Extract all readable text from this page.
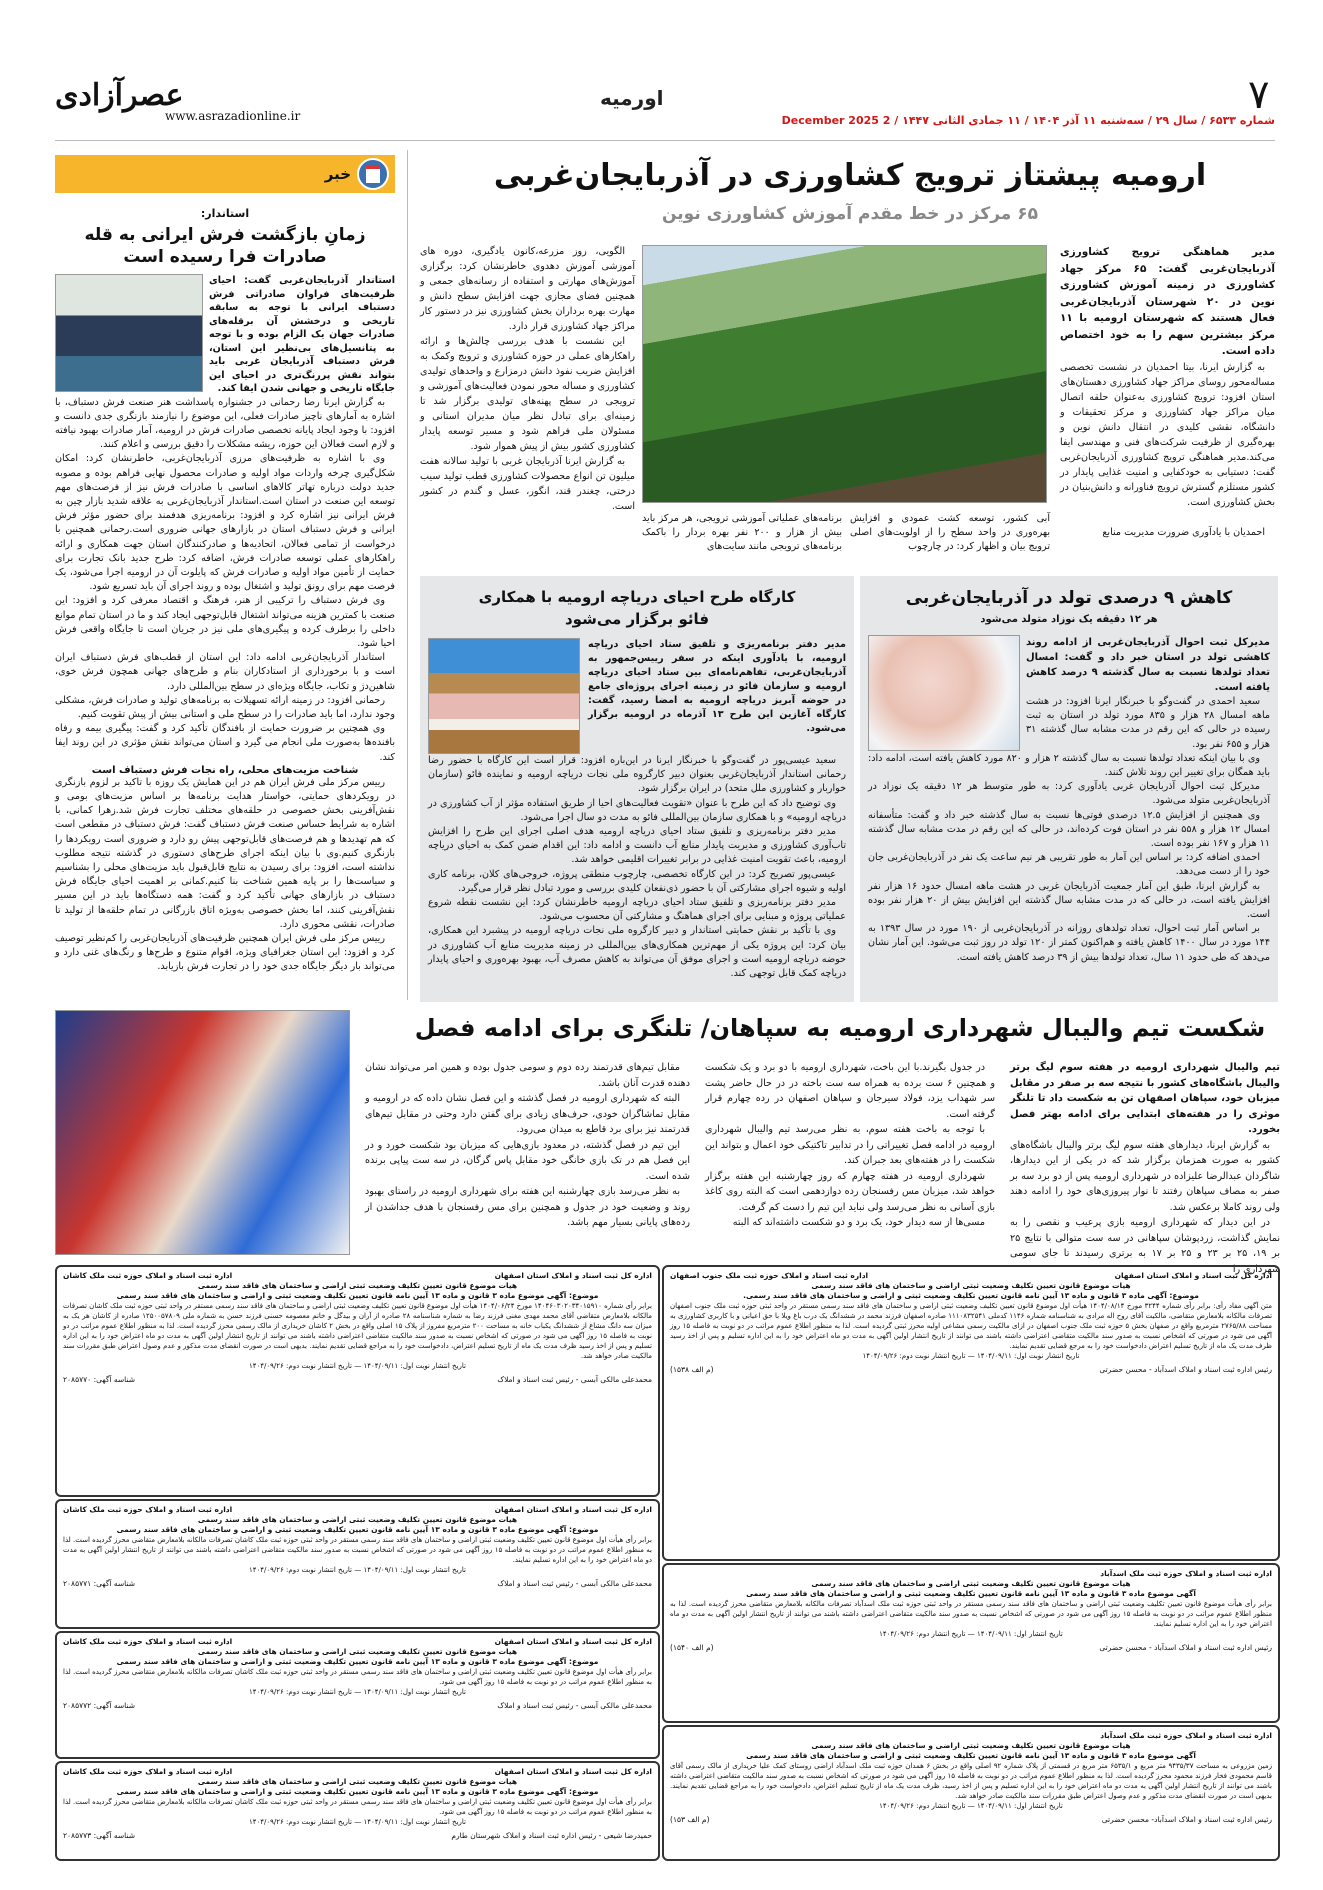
۷
شماره ۶۵۳۳ / سال ۲۹ / سه‌شنبه ۱۱ آذر ۱۴۰۴ / ۱۱ جمادی الثانی ۱۴۴۷ / 2 December 2025
اورمیه
www.asrazadionline.ir
عصرآزادی
خبر
استاندار:
زمانِ بازگشت فرش ایرانی به قله صادرات فرا رسیده است
استاندار آذربایجان‌غربی گفت: احیای ظرفیت‌های فراوان صادراتی فرش دستباف ایرانی با توجه به سابقه تاریخی و درخشش آن برقله‌های صادرات جهان یک الزام بوده و با توجه به پتانسیل‌های بی‌نظیر این استان، فرش دستباف آذربایجان غربی باید بتواند نقش پررنگ‌تری در احیای این جایگاه تاریخی و جهانی شدن ایفا کند.
به گزارش ایرنا رضا رحمانی در جشنواره پاسداشت هنر صنعت فرش دستباف، با اشاره به آمارهای ناچیز صادرات فعلی، این موضوع را نیازمند بازنگری جدی دانست و افزود: با وجود ایجاد پایانه تخصصی صادرات فرش در ارومیه، آمار صادرات بهبود نیافته و لازم است فعالان این حوزه، ریشه مشکلات را دقیق بررسی و اعلام کنند.
وی با اشاره به ظرفیت‌های مرزی آذربایجان‌غربی، خاطرنشان کرد: امکان شکل‌گیری چرخه واردات مواد اولیه و صادرات محصول نهایی فراهم بوده و مصوبه جدید دولت درباره تهاتر کالاهای اساسی با صادرات فرش نیز از فرصت‌های مهم توسعه این صنعت در استان است.استاندار آذربایجان‌غربی به علاقه شدید بازار چین به فرش ایرانی نیز اشاره کرد و افزود: برنامه‌ریزی هدفمند برای حضور مؤثر فرش ایرانی و فرش دستباف استان در بازارهای جهانی ضروری است.رحمانی همچنین با درخواست از تمامی فعالان، اتحادیه‌ها و صادرکنندگان استان جهت همکاری و ارائه راهکارهای عملی توسعه صادرات فرش، اضافه کرد: طرح جدید بانک تجارت برای حمایت از تأمین مواد اولیه و صادرات فرش که پایلوت آن در ارومیه اجرا می‌شود، یک فرصت مهم برای رونق تولید و اشتغال بوده و روند اجرای آن باید تسریع شود.
وی فرش دستباف را ترکیبی از هنر، فرهنگ و اقتصاد معرفی کرد و افزود: این صنعت با کمترین هزینه می‌تواند اشتغال قابل‌توجهی ایجاد کند و ما در استان تمام موانع داخلی را برطرف کرده و پیگیری‌های ملی نیز در جریان است تا جایگاه واقعی فرش احیا شود.
استاندار آذربایجان‌غربی ادامه داد: این استان از قطب‌های فرش دستباف ایران است و با برخورداری از استادکاران بنام و طرح‌های جهانی همچون فرش خوی، شاهین‌دژ و تکاب، جایگاه ویژه‌ای در سطح بین‌المللی دارد.
رحمانی افزود: در زمینه ارائه تسهیلات به برنامه‌های تولید و صادرات فرش، مشکلی وجود ندارد، اما باید صادرات را در سطح ملی و استانی بیش از پیش تقویت کنیم.
وی همچنین بر ضرورت حمایت از بافندگان تأکید کرد و گفت: پیگیری بیمه و رفاه بافنده‌ها به‌صورت ملی انجام می گیرد و استان می‌تواند نقش مؤثری در این روند ایفا کند.
شناخت مزیت‌های محلی، راه نجات فرش دستباف است
رییس مرکز ملی فرش ایران هم در این همایش یک روزه با تاکید بر لزوم بازنگری در رویکردهای حمایتی، خواستار هدایت برنامه‌ها بر اساس مزیت‌های بومی و نقش‌آفرینی بخش خصوصی در حلقه‌های مختلف تجارت فرش شد.زهرا کمانی، با اشاره به شرایط حساس صنعت فرش دستباف گفت: فرش دستباف در مقطعی است که هم تهدیدها و هم فرصت‌های قابل‌توجهی پیش رو دارد و ضروری است رویکردها را بازنگری کنیم.وی با بیان اینکه اجرای طرح‌های دستوری در گذشته نتیجه مطلوب نداشته است، افزود: برای رسیدن به نتایج قابل‌قبول باید مزیت‌های محلی را بشناسیم و سیاست‌ها را بر پایه همین شناخت بنا کنیم.کمانی بر اهمیت احیای جایگاه فرش دستباف در بازارهای جهانی تأکید کرد و گفت: همه دستگاه‌ها باید در این مسیر نقش‌آفرینی کنند، اما بخش خصوصی به‌ویژه اتاق بازرگانی در تمام حلقه‌ها از تولید تا صادرات، نقشی محوری دارد.
رییس مرکز ملی فرش ایران همچنین ظرفیت‌های آذربایجان‌غربی را کم‌نظیر توصیف کرد و افزود: این استان جغرافیای ویژه، اقوام متنوع و طرح‌ها و رنگ‌های غنی دارد و می‌تواند بار دیگر جایگاه جدی خود را در تجارت فرش بازیابد.
ارومیه پیشتاز ترویج کشاورزی در آذربایجان‌غربی
۶۵ مرکز در خط مقدم آموزش کشاورزی نوین
مدیر هماهنگی ترویج کشاورزی آذربایجان‌غربی گفت: ۶۵ مرکز جهاد کشاورزی در زمینه آموزش کشاورزی نوین در ۲۰ شهرستان آذربایجان‌غربی فعال هستند که شهرستان ارومیه با ۱۱ مرکز بیشترین سهم را به خود اختصاص داده است.
به گزارش ایرنا، بیتا احمدیان در نشست تخصصی مساله‌محور روسای مراکز جهاد کشاورزی دهستان‌های استان افزود: ترویج کشاورزی به‌عنوان حلقه اتصال میان مراکز جهاد کشاورزی و مرکز تحقیقات و دانشگاه، نقشی کلیدی در انتقال دانش نوین و بهره‌گیری از ظرفیت شرکت‌های فنی و مهندسی ایفا می‌کند.مدیر هماهنگی ترویج کشاورزی آذربایجان‌غربی گفت: دستیابی به خودکفایی و امنیت غذایی پایدار در کشور مستلزم گسترش ترویج فناورانه و دانش‌بنیان در بخش کشاورزی است.
الگویی، روز مزرعه،کانون یادگیری، دوره های آموزشی آموزش دهدوی خاطرنشان کرد: برگزاری آموزش‌های مهارتی و استفاده از رسانه‌های جمعی و همچنین فضای مجازی جهت افزایش سطح دانش و مهارت بهره برداران بخش کشاورزی نیز در دستور کار مراکز جهاد کشاورزی قرار دارد.
این نشست با هدف بررسی چالش‌ها و ارائه راهکارهای عملی در حوزه کشاورزی و ترویج وکمک به افزایش ضریب نفوذ دانش درمزارع و واحدهای تولیدی کشاورزی و مساله محور نمودن فعالیت‌های آموزشی و ترویجی در سطح پهنه‌های تولیدی برگزار شد تا زمینه‌ای برای تبادل نظر میان مدیران استانی و مسئولان ملی فراهم شود و مسیر توسعه پایدار کشاورزی کشور بیش از پیش هموار شود.
به گزارش ایرنا آذربایجان غربی با تولید سالانه هفت میلیون تن انواع محصولات کشاورزی قطب تولید سیب درختی، چغندر قند، انگور، عسل و گندم در کشور است.
احمدیان با یادآوری ضرورت مدیریت منابع
آبی کشور، توسعه کشت عمودی و افزایش بهره‌وری در واحد سطح را از اولویت‌های اصلی ترویج بیان و اظهار کرد: در چارچوب
برنامه‌های عملیاتی آموزشی ترویجی، هر مرکز باید بیش از هزار و ۲۰۰ نفر بهره بردار را باکمک برنامه‌های ترویجی مانند سایت‌های
کاهش ۹ درصدی تولد در آذربایجان‌غربی
هر ۱۲ دقیقه یک نوزاد متولد می‌شود
مدیرکل ثبت احوال آذربایجان‌غربی از ادامه روند کاهشی تولد در استان خبر داد و گفت: امسال تعداد تولدها نسبت به سال گذشته ۹ درصد کاهش یافته است.
سعید احمدی در گفت‌وگو با خبرنگار ایرنا افزود: در هشت ماهه امسال ۲۸ هزار و ۸۳۵ مورد تولد در استان به ثبت رسیده در حالی که این رقم در مدت مشابه سال گذشته ۳۱ هزار و ۶۵۵ نفر بود.
وی با بیان اینکه تعداد تولدها نسبت به سال گذشته ۲ هزار و ۸۲۰ مورد کاهش یافته است، ادامه داد: باید همگان برای تغییر این روند تلاش کنند.
مدیرکل ثبت احوال آذربایجان غربی یادآوری کرد: به طور متوسط هر ۱۲ دقیقه یک نوزاد در آذربایجان‌غربی متولد می‌شود.
وی همچنین از افزایش ۱۲.۵ درصدی فوتی‌ها نسبت به سال گذشته خبر داد و گفت: متأسفانه امسال ۱۲ هزار و ۵۵۸ نفر در استان فوت کرده‌اند، در حالی که این رقم در مدت مشابه سال گذشته ۱۱ هزار و ۱۶۷ نفر بوده است.
احمدی اضافه کرد: بر اساس این آمار به طور تقریبی هر نیم ساعت یک نفر در آذربایجان‌غربی جان خود را از دست می‌دهد.
به گزارش ایرنا، طبق این آمار جمعیت آذربایجان غربی در هشت ماهه امسال حدود ۱۶ هزار نفر افزایش یافته است، در حالی که در مدت مشابه سال گذشته این افزایش بیش از ۲۰ هزار نفر بوده است.
بر اساس آمار ثبت احوال، تعداد تولدهای روزانه در آذربایجان‌غربی از ۱۹۰ مورد در سال ۱۳۹۳ به ۱۴۴ مورد در سال ۱۴۰۰ کاهش یافته و هم‌اکنون کمتر از ۱۲۰ تولد در روز ثبت می‌شود. این آمار نشان می‌دهد که طی حدود ۱۱ سال، تعداد تولدها بیش از ۳۹ درصد کاهش یافته است.
کارگاه طرح احیای دریاچه ارومیه با همکاری فائو برگزار می‌شود
مدیر دفتر برنامه‌ریزی و تلفیق ستاد احیای دریاچه ارومیه، با یادآوری اینکه در سفر رییس‌جمهور به آذربایجان‌غربی، تفاهم‌نامه‌ای بین ستاد احیای دریاچه ارومیه و سازمان فائو در زمینه اجرای پروژه‌ای جامع در حوضه آبریز دریاچه ارومیه به امضا رسید، گفت: کارگاه آغازین این طرح ۱۳ آذرماه در ارومیه برگزار می‌شود.
سعید عیسی‌پور در گفت‌وگو با خبرنگار ایرنا در این‌باره افزود: قرار است این کارگاه با حضور رضا رحمانی استاندار آذربایجان‌غربی بعنوان دبیر کارگروه ملی نجات دریاچه ارومیه و نماینده فائو (سازمان خواربار و کشاورزی ملل متحد) در ایران برگزار شود.
وی توضیح داد که این طرح با عنوان «تقویت فعالیت‌های احیا از طریق استفاده مؤثر از آب کشاورزی در دریاچه ارومیه» و با همکاری سازمان بین‌المللی فائو به مدت دو سال اجرا می‌شود.
مدیر دفتر برنامه‌ریزی و تلفیق ستاد احیای دریاچه ارومیه هدف اصلی اجرای این طرح را افزایش تاب‌آوری کشاورزی و مدیریت پایدار منابع آب دانست و ادامه داد: این اقدام ضمن کمک به احیای دریاچه ارومیه، باعث تقویت امنیت غذایی در برابر تغییرات اقلیمی خواهد شد.
عیسی‌پور تصریح کرد: در این کارگاه تخصصی، چارچوب منطقی پروژه، خروجی‌های کلان، برنامه کاری اولیه و شیوه اجرای مشارکتی آن با حضور ذی‌نفعان کلیدی بررسی و مورد تبادل نظر قرار می‌گیرد.
مدیر دفتر برنامه‌ریزی و تلفیق ستاد احیای دریاچه ارومیه خاطرنشان کرد: این نشست نقطه شروع عملیاتی پروژه و مبنایی برای اجرای هماهنگ و مشارکتی آن محسوب می‌شود.
وی با تأکید بر نقش حمایتی استاندار و دبیر کارگروه ملی نجات دریاچه ارومیه در پیشبرد این همکاری، بیان کرد: این پروژه یکی از مهم‌ترین همکاری‌های بین‌المللی در زمینه مدیریت منابع آب کشاورزی در حوضه دریاچه ارومیه است و اجرای موفق آن می‌تواند به کاهش مصرف آب، بهبود بهره‌وری و احیای پایدار دریاچه کمک قابل توجهی کند.
شکست تیم والیبال شهرداری ارومیه به سپاهان/ تلنگری برای ادامه فصل
تیم والیبال شهرداری ارومیه در هفته سوم لیگ برتر والیبال باشگاه‌های کشور با نتیجه سه بر صفر در مقابل میزبان خود، سپاهان اصفهان تن به شکست داد تا تلنگر موثری را در هفته‌های ابتدایی برای ادامه بهتر فصل بخورد.
به گزارش ایرنا، دیدارهای هفته سوم لیگ برتر والیبال باشگاه‌های کشور به صورت همزمان برگزار شد که در یکی از این دیدارها، شاگردان عبدالرضا علیزاده در شهرداری ارومیه پس از دو برد سه بر صفر به مصاف سپاهان رفتند تا نوار پیروزی‌های خود را ادامه دهند ولی روند کاملا برعکس شد.
در این دیدار که شهرداری ارومیه بازی پرعیب و نقصی را به نمایش گذاشت، زردپوشان سپاهانی در سه ست متوالی با نتایج ۲۵ بر ۱۹، ۲۵ بر ۲۳ و ۲۵ بر ۱۷ به برتری رسیدند تا جای سومی شهرداری را
در جدول بگیرند.با این باخت، شهرداری ارومیه با دو برد و یک شکست و همچنین ۶ ست برده به همراه سه ست باخته در در حال حاضر پشت سر شهداب یزد، فولاد سیرجان و سپاهان اصفهان در رده چهارم قرار گرفته است.
با توجه به باخت هفته سوم، به نظر می‌رسد تیم والیبال شهرداری ارومیه در ادامه فصل تغییراتی را در تدابیر تاکتیکی خود اعمال و بتواند این شکست را در هفته‌های بعد جبران کند.
شهرداری ارومیه در هفته چهارم که روز چهارشنبه این هفته برگزار خواهد شد، میزبان مس رفسنجان رده دوازدهمی است که البته روی کاغذ بازی آسانی به نظر می‌رسد ولی نباید این تیم را دست کم گرفت.
مسی‌ها از سه دیدار خود، یک برد و دو شکست داشته‌اند که البته
مقابل تیم‌های قدرتمند رده دوم و سومی جدول بوده و همین امر می‌تواند نشان دهنده قدرت آنان باشد.
البته که شهرداری ارومیه در فصل گذشته و این فصل نشان داده که در ارومیه و مقابل تماشاگران خودی، حرف‌های زیادی برای گفتن دارد وحتی در مقابل تیم‌های قدرتمند نیز برای برد قاطع به میدان می‌رود.
این تیم در فصل گذشته، در معدود بازی‌هایی که میزبان بود شکست خورد و در این فصل هم در تک بازی خانگی خود مقابل پاس گرگان، در سه ست پیاپی برنده شده است.
به نظر می‌رسد بازی چهارشنبه این هفته برای شهرداری ارومیه در راستای بهبود روند و وضعیت خود در جدول و همچنین برای مس رفسنجان با هدف جداشدن از رده‌های پایانی بسیار مهم باشد.
اداره کل ثبت اسناد و املاک استان اصفهان
اداره ثبت اسناد و املاک حوزه ثبت ملک کاشان
هیات موضوع قانون تعیین تکلیف وضعیت ثبتی اراضی و ساختمان های فاقد سند رسمی
موضوع: آگهی موضوع ماده ۳ قانون و ماده ۱۳ آیین نامه قانون تعیین تکلیف وضعیت ثبتی و اراضی و ساختمان های فاقد سند رسمی
برابر رأی شماره ۱۴۰۴۶۰۳۰۲۰۳۴۰۱۵۹۱۰ مورخ ۱۴۰۴/۰۶/۲۴ هیأت اول موضوع قانون تعیین تکلیف وضعیت ثبتی اراضی و ساختمان های فاقد سند رسمی مستقر در واحد ثبتی حوزه ثبت ملک کاشان تصرفات مالکانه بلامعارض متقاضی آقای محمد مهدی مغنی فرزند رضا به شماره شناسنامه ۲۸ صادره از آران و بیدگل و خانم معصومه حسنی فرزند حسن به شماره ملی ۱۲۵۰۰۵۷۸۰۹ صادره از کاشان هر یک به میزان سه دانگ مشاع از ششدانگ یکباب خانه به مساحت ۲۰۰ مترمربع مفروز از پلاک ۱۵ اصلی واقع در بخش ۲ کاشان خریداری از مالک رسمی محرز گردیده است. لذا به منظور اطلاع عموم مراتب در دو نوبت به فاصله ۱۵ روز آگهی می شود در صورتی که اشخاص نسبت به صدور سند مالکیت متقاضی اعتراضی داشته باشند می توانند از تاریخ انتشار اولین آگهی به مدت دو ماه اعتراض خود را به این اداره تسلیم و پس از اخذ رسید ظرف مدت یک ماه از تاریخ تسلیم اعتراض، دادخواست خود را به مراجع قضایی تقدیم نمایند. بدیهی است در صورت انقضای مدت مذکور و عدم وصول اعتراض طبق مقررات سند مالکیت صادر خواهد شد.
تاریخ انتشار نوبت اول: ۱۴۰۴/۰۹/۱۱ — تاریخ انتشار نوبت دوم: ۱۴۰۴/۰۹/۲۶
محمدعلی مالکی آبسی - رئیس ثبت اسناد و املاک
شناسه آگهی: ۲۰۸۵۷۷۰
اداره کل ثبت اسناد و املاک استان اصفهان
اداره ثبت اسناد و املاک حوزه ثبت ملک کاشان
هیات موضوع قانون تعیین تکلیف وضعیت ثبتی اراضی و ساختمان های فاقد سند رسمی
موضوع: آگهی موضوع ماده ۳ قانون و ماده ۱۳ آیین نامه قانون تعیین تکلیف وضعیت ثبتی و اراضی و ساختمان های فاقد سند رسمی
برابر رأی هیأت اول موضوع قانون تعیین تکلیف وضعیت ثبتی اراضی و ساختمان های فاقد سند رسمی مستقر در واحد ثبتی حوزه ثبت ملک کاشان تصرفات مالکانه بلامعارض متقاضی محرز گردیده است. لذا به منظور اطلاع عموم مراتب در دو نوبت به فاصله ۱۵ روز آگهی می شود در صورتی که اشخاص نسبت به صدور سند مالکیت متقاضی اعتراضی داشته باشند می توانند از تاریخ انتشار اولین آگهی به مدت دو ماه اعتراض خود را به این اداره تسلیم نمایند.
تاریخ انتشار نوبت اول: ۱۴۰۴/۰۹/۱۱ — تاریخ انتشار نوبت دوم: ۱۴۰۴/۰۹/۲۶
محمدعلی مالکی آبسی - رئیس ثبت اسناد و املاک
شناسه آگهی: ۲۰۸۵۷۷۱
اداره کل ثبت اسناد و املاک استان اصفهان
اداره ثبت اسناد و املاک حوزه ثبت ملک کاشان
هیات موضوع قانون تعیین تکلیف وضعیت ثبتی اراضی و ساختمان های فاقد سند رسمی
موضوع: آگهی موضوع ماده ۳ قانون و ماده ۱۳ آیین نامه قانون تعیین تکلیف وضعیت ثبتی و اراضی و ساختمان های فاقد سند رسمی
برابر رأی هیأت اول موضوع قانون تعیین تکلیف وضعیت ثبتی اراضی و ساختمان های فاقد سند رسمی مستقر در واحد ثبتی حوزه ثبت ملک کاشان تصرفات مالکانه بلامعارض متقاضی محرز گردیده است. لذا به منظور اطلاع عموم مراتب در دو نوبت به فاصله ۱۵ روز آگهی می شود.
تاریخ انتشار نوبت اول: ۱۴۰۴/۰۹/۱۱ — تاریخ انتشار نوبت دوم: ۱۴۰۴/۰۹/۲۶
محمدعلی مالکی آبسی - رئیس ثبت اسناد و املاک
شناسه آگهی: ۲۰۸۵۷۷۲
اداره کل ثبت اسناد و املاک استان اصفهان
اداره ثبت اسناد و املاک حوزه ثبت ملک کاشان
هیات موضوع قانون تعیین تکلیف وضعیت ثبتی اراضی و ساختمان های فاقد سند رسمی
موضوع: آگهی موضوع ماده ۳ قانون و ماده ۱۳ آیین نامه قانون تعیین تکلیف وضعیت ثبتی و اراضی و ساختمان های فاقد سند رسمی
برابر رأی هیأت اول موضوع قانون تعیین تکلیف وضعیت ثبتی اراضی و ساختمان های فاقد سند رسمی مستقر در واحد ثبتی حوزه ثبت ملک کاشان تصرفات مالکانه بلامعارض متقاضی محرز گردیده است. لذا به منظور اطلاع عموم مراتب در دو نوبت به فاصله ۱۵ روز آگهی می شود.
تاریخ انتشار نوبت اول: ۱۴۰۴/۰۹/۱۱ — تاریخ انتشار نوبت دوم: ۱۴۰۴/۰۹/۲۶
حمیدرضا شیعی - رئیس اداره ثبت اسناد و املاک شهرستان طارم
شناسه آگهی: ۲۰۸۵۷۷۳
اداره کل ثبت اسناد و املاک استان اصفهان
اداره ثبت اسناد و املاک حوزه ثبت ملک جنوب اصفهان
هیات موضوع قانون تعیین تکلیف وضعیت ثبتی اراضی و ساختمان های فاقد سند رسمی
موضوع: آگهی ماده ۳ قانون و ماده ۱۳ آیین نامه قانون تعیین تکلیف وضعیت ثبتی و اراضی و ساختمان های فاقد سند رسمی.
متن آگهی مفاد رأی: برابر رأی شماره ۳۲۴۴ مورخ ۱۴۰۴/۰۸/۱۴ هیأت اول موضوع قانون تعیین تکلیف وضعیت ثبتی اراضی و ساختمان های فاقد سند رسمی مستقر در واحد ثبتی حوزه ثبت ملک جنوب اصفهان تصرفات مالکانه بلامعارض متقاضی، مالکیت آقای روح اله مرادی به شناسنامه شماره ۱۱۴۶ کدملی ۱۱۱۰۸۳۲۵۴۱ صادره اصفهان فرزند محمد در ششدانگ یک درب باغ ویلا با حق اعیانی و با کاربری کشاورزی به مساحت ۲۷۶۵/۸۸ مترمربع واقع در صفهان بخش ۵ حوزه ثبت ملک جنوب اصفهان در ازای مالکیت رسمی مشاعی اولیه محرز ثبتی گردیده است. لذا به منظور اطلاع عموم مراتب در دو نوبت به فاصله ۱۵ روز آگهی می شود در صورتی که اشخاص نسبت به صدور سند مالکیت متقاضی اعتراضی داشته باشند می توانند از تاریخ انتشار اولین آگهی به مدت دو ماه اعتراض خود را به این اداره تسلیم و پس از اخذ رسید ظرف مدت یک ماه از تاریخ تسلیم اعتراض دادخواست خود را به مرجع قضایی تقدیم نمایند.
تاریخ انتشار نوبت اول: ۱۴۰۴/۰۹/۱۱ — تاریخ انتشار نوبت دوم: ۱۴۰۴/۰۹/۲۶
رئیس اداره ثبت اسناد و املاک اسدآباد - محسن حضرتی
(م الف ۱۵۳۸)
اداره ثبت اسناد و املاک حوزه ثبت ملک اسدآباد
هیات موضوع قانون تعیین تکلیف وضعیت ثبتی اراضی و ساختمان های فاقد سند رسمی
آگهی موضوع ماده ۳ قانون و ماده ۱۳ آیین نامه قانون تعیین تکلیف وضعیت ثبتی و اراضی و ساختمان های فاقد سند رسمی
برابر رأی هیأت موضوع قانون تعیین تکلیف وضعیت ثبتی اراضی و ساختمان های فاقد سند رسمی مستقر در واحد ثبتی حوزه ثبت ملک اسدآباد تصرفات مالکانه بلامعارض متقاضی محرز گردیده است. لذا به منظور اطلاع عموم مراتب در دو نوبت به فاصله ۱۵ روز آگهی می شود در صورتی که اشخاص نسبت به صدور سند مالکیت متقاضی اعتراضی داشته باشند می توانند از تاریخ انتشار اولین آگهی به مدت دو ماه اعتراض خود را به این اداره تسلیم نمایند.
تاریخ انتشار اول: ۱۴۰۴/۰۹/۱۱ — تاریخ انتشار دوم: ۱۴۰۴/۰۹/۲۶
رئیس اداره ثبت اسناد و املاک اسدآباد - محسن حضرتی
(م الف ۱۵۴۰)
اداره ثبت اسناد و املاک حوزه ثبت ملک اسدآباد
هیات موضوع قانون تعیین تکلیف وضعیت ثبتی اراضی و ساختمان های فاقد سند رسمی
آگهی موضوع ماده ۳ قانون و ماده ۱۳ آیین نامه قانون تعیین تکلیف وضعیت ثبتی و اراضی و ساختمان های فاقد سند رسمی
زمین مزروعی به مساحت ۹۴۳۵/۳۷ متر مربع و ۶۵۳۵/۱ متر مربع در قسمتی از پلاک شماره ۹۲ اصلی واقع در بخش ۶ همدان حوزه ثبت ملک اسدآباد اراضی روستای کمک علیا خریداری از مالک رسمی آقای قاسم محمودی فخار فرزند محمود محرز گردیده است. لذا به منظور اطلاع عموم مراتب در دو نوبت به فاصله ۱۵ روز آگهی می شود در صورتی که اشخاص نسبت به صدور سند مالکیت متقاضی اعتراضی داشته باشند می توانند از تاریخ انتشار اولین آگهی به مدت دو ماه اعتراض خود را به این اداره تسلیم و پس از اخذ رسید، ظرف مدت یک ماه از تاریخ تسلیم اعتراض، دادخواست خود را به مراجع قضایی تقدیم نمایند. بدیهی است در صورت انقضای مدت مذکور و عدم وصول اعتراض طبق مقررات سند مالکیت صادر خواهد شد.
تاریخ انتشار اول: ۱۴۰۴/۰۹/۱۱ — تاریخ انتشار دوم: ۱۴۰۴/۰۹/۲۶
رئیس اداره ثبت اسناد و املاک اسدآباد- محسن حضرتی
(م الف ۱۵۳)
